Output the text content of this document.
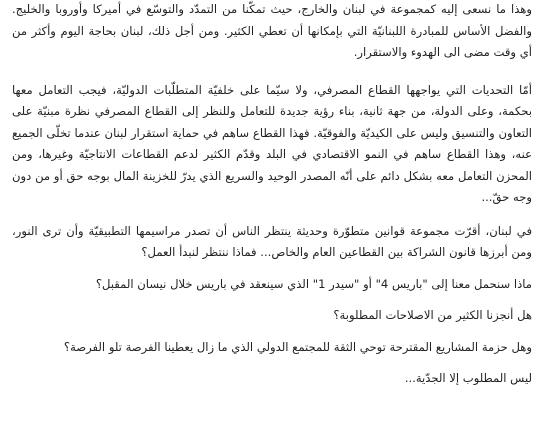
وهذا ما نسعى إليه كمجموعة في لبنان والخارج، حيث تمكّنا من التمدّد والتوسّع في أميركا وأوروبا والخليج. والفضل الأساس للمبادرة اللبنانيّة التي بإمكانها أن تعطي الكثير. ومن أجل ذلك، لبنان بحاجة اليوم وأكثر من أي وقت مضى الى الهدوء والاستقرار.

أمّا التحديات التي يواجهها القطاع المصرفي، ولا سيّما على خلفيّة المتطلّبات الدوليّة، فيجب التعامل معها بحكمة، وعلى الدولة، من جهة ثانية، بناء رؤية جديدة للتعامل وللنظر إلى القطاع المصرفي نظرة مبنيّة على التعاون والتنسيق وليس على الكيديّة والفوقيّة. فهذا القطاع ساهم في حماية استقرار لبنان عندما تخلّى الجميع عنه، وهذا القطاع ساهم في النمو الاقتصادي في البلد وقدّم الكثير لدعم القطاعات الانتاجيّة وغيرها، ومن المحزن التعامل معه بشكل دائم على أنّه المصدر الوحيد والسريع الذي يدرّ للخزينة المال بوجه حق أو من دون وجه حقّ...

في لبنان، أقرّت مجموعة قوانين متطوّرة وحديثة ينتظر الناس أن تصدر مراسيمها التطبيقيّة وأن ترى النور، ومن أبرزها قانون الشراكة بين القطاعين العام والخاص... فماذا ننتظر لنبدأ العمل؟

ماذا سنحمل معنا إلى "باريس 4" أو "سيدر 1" الذي سينعقد في باريس خلال نيسان المقبل؟

هل أنجزنا الكثير من الاصلاحات المطلوبة؟

وهل حزمة المشاريع المقترحة توحي الثقة للمجتمع الدولي الذي ما زال يعطينا الفرصة تلو الفرصة؟

ليس المطلوب إلا الجدّية...
